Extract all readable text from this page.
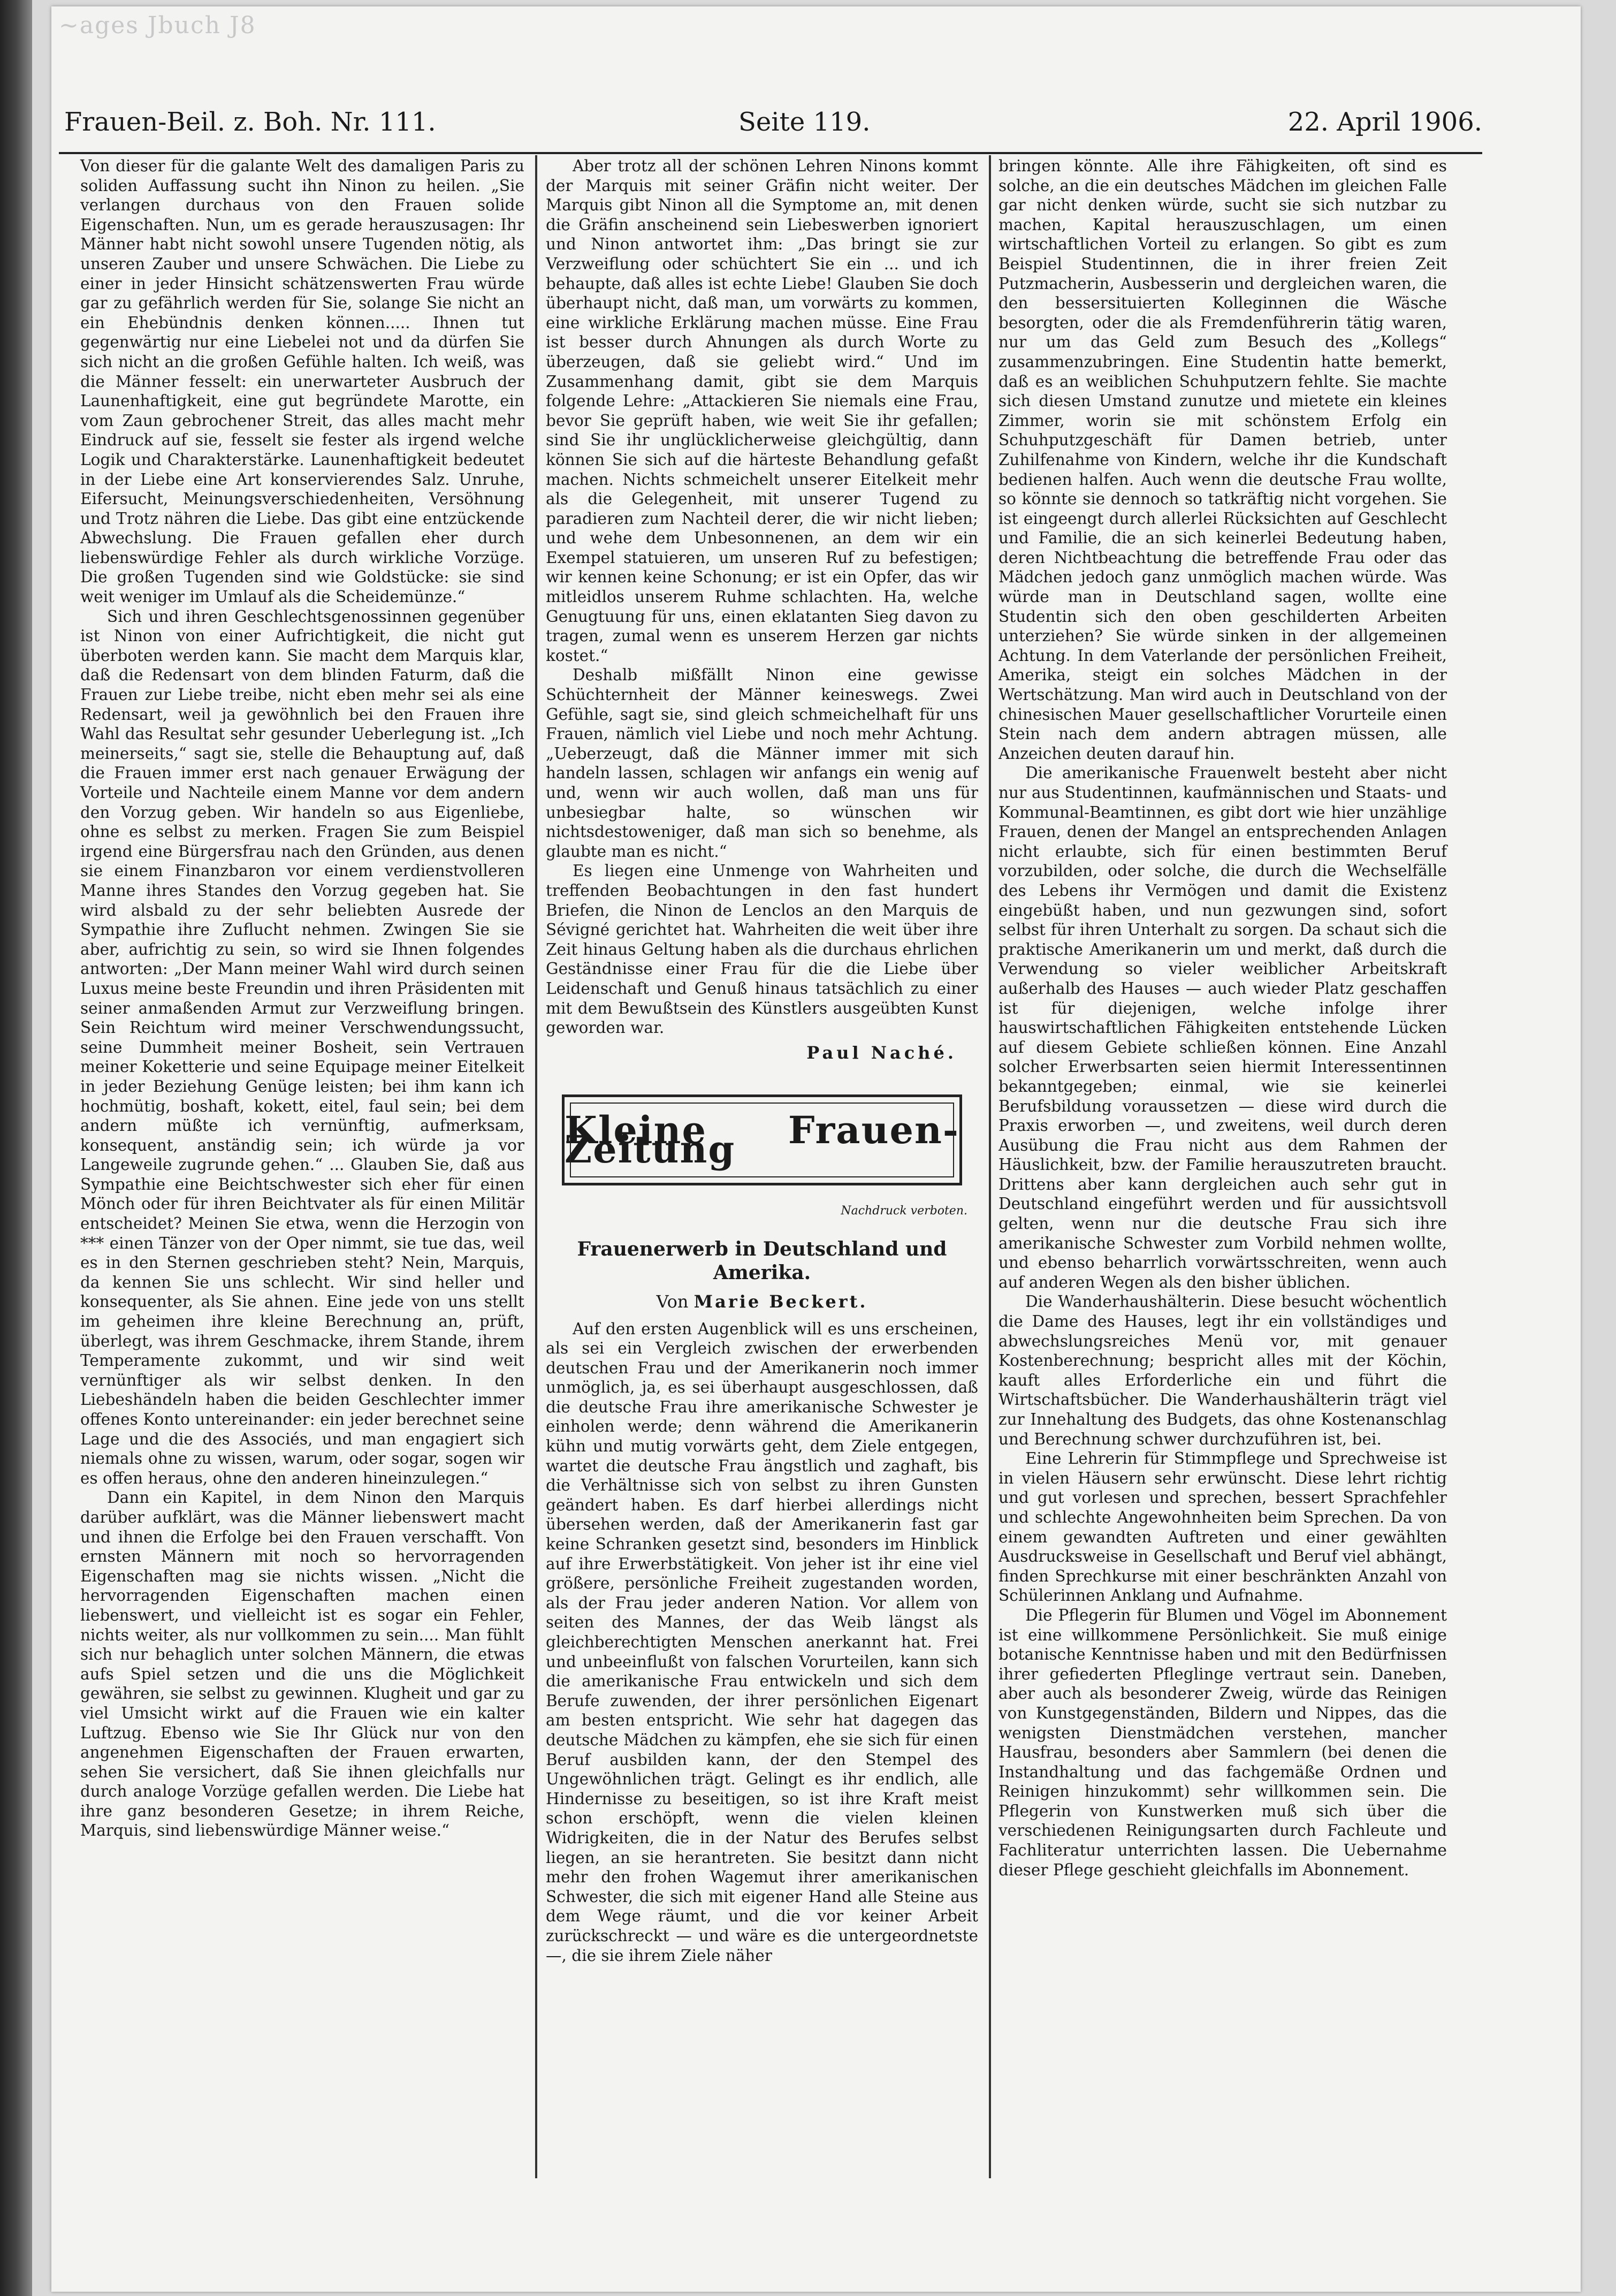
~ages Jbuch J8
Frauen-Beil. z. Boh. Nr. 111.	Seite 119.	22. April 1906.

Von dieser für die galante Welt des damaligen Paris zu soliden Auffassung sucht ihn Ninon zu heilen. „Sie verlangen durchaus von den Frauen solide Eigenschaften. Nun, um es gerade herauszusagen: Ihr Männer habt nicht sowohl unsere Tugenden nötig, als unseren Zauber und unsere Schwächen. Die Liebe zu einer in jeder Hinsicht schätzenswerten Frau würde gar zu gefährlich werden für Sie, solange Sie nicht an ein Ehebündnis denken können..... Ihnen tut gegenwärtig nur eine Liebelei not und da dürfen Sie sich nicht an die großen Gefühle halten. Ich weiß, was die Männer fesselt: ein unerwarteter Ausbruch der Launenhaftigkeit, eine gut begründete Marotte, ein vom Zaun gebrochener Streit, das alles macht mehr Eindruck auf sie, fesselt sie fester als irgend welche Logik und Charakterstärke. Launenhaftigkeit bedeutet in der Liebe eine Art konservierendes Salz. Unruhe, Eifersucht, Meinungsverschiedenheiten, Versöhnung und Trotz nähren die Liebe. Das gibt eine entzückende Abwechslung. Die Frauen gefallen eher durch liebenswürdige Fehler als durch wirkliche Vorzüge. Die großen Tugenden sind wie Goldstücke: sie sind weit weniger im Umlauf als die Scheidemünze.“

Sich und ihren Geschlechtsgenossinnen gegenüber ist Ninon von einer Aufrichtigkeit, die nicht gut überboten werden kann. Sie macht dem Marquis klar, daß die Redensart von dem blinden Faturm, daß die Frauen zur Liebe treibe, nicht eben mehr sei als eine Redensart, weil ja gewöhnlich bei den Frauen ihre Wahl das Resultat sehr gesunder Ueberlegung ist. „Ich meinerseits,“ sagt sie, stelle die Behauptung auf, daß die Frauen immer erst nach genauer Erwägung der Vorteile und Nachteile einem Manne vor dem andern den Vorzug geben. Wir handeln so aus Eigenliebe, ohne es selbst zu merken. Fragen Sie zum Beispiel irgend eine Bürgersfrau nach den Gründen, aus denen sie einem Finanzbaron vor einem verdienstvolleren Manne ihres Standes den Vorzug gegeben hat. Sie wird alsbald zu der sehr beliebten Ausrede der Sympathie ihre Zuflucht nehmen. Zwingen Sie sie aber, aufrichtig zu sein, so wird sie Ihnen folgendes antworten: „Der Mann meiner Wahl wird durch seinen Luxus meine beste Freundin und ihren Präsidenten mit seiner anmaßenden Armut zur Verzweiflung bringen. Sein Reichtum wird meiner Verschwendungssucht, seine Dummheit meiner Bosheit, sein Vertrauen meiner Koketterie und seine Equipage meiner Eitelkeit in jeder Beziehung Genüge leisten; bei ihm kann ich hochmütig, boshaft, kokett, eitel, faul sein; bei dem andern müßte ich vernünftig, aufmerksam, konsequent, anständig sein; ich würde ja vor Langeweile zugrunde gehen.“ ... Glauben Sie, daß aus Sympathie eine Beichtschwester sich eher für einen Mönch oder für ihren Beichtvater als für einen Militär entscheidet? Meinen Sie etwa, wenn die Herzogin von *** einen Tänzer von der Oper nimmt, sie tue das, weil es in den Sternen geschrieben steht? Nein, Marquis, da kennen Sie uns schlecht. Wir sind heller und konsequenter, als Sie ahnen. Eine jede von uns stellt im geheimen ihre kleine Berechnung an, prüft, überlegt, was ihrem Geschmacke, ihrem Stande, ihrem Temperamente zukommt, und wir sind weit vernünftiger als wir selbst denken. In den Liebeshändeln haben die beiden Geschlechter immer offenes Konto untereinander: ein jeder berechnet seine Lage und die des Associés, und man engagiert sich niemals ohne zu wissen, warum, oder sogar, sogen wir es offen heraus, ohne den anderen hineinzulegen.“

Dann ein Kapitel, in dem Ninon den Marquis darüber aufklärt, was die Männer liebenswert macht und ihnen die Erfolge bei den Frauen verschafft. Von ernsten Männern mit noch so hervorragenden Eigenschaften mag sie nichts wissen. „Nicht die hervorragenden Eigenschaften machen einen liebenswert, und vielleicht ist es sogar ein Fehler, nichts weiter, als nur vollkommen zu sein.... Man fühlt sich nur behaglich unter solchen Männern, die etwas aufs Spiel setzen und die uns die Möglichkeit gewähren, sie selbst zu gewinnen. Klugheit und gar zu viel Umsicht wirkt auf die Frauen wie ein kalter Luftzug. Ebenso wie Sie Ihr Glück nur von den angenehmen Eigenschaften der Frauen erwarten, sehen Sie versichert, daß Sie ihnen gleichfalls nur durch analoge Vorzüge gefallen werden. Die Liebe hat ihre ganz besonderen Gesetze; in ihrem Reiche, Marquis, sind liebenswürdige Männer weise.“

Aber trotz all der schönen Lehren Ninons kommt der Marquis mit seiner Gräfin nicht weiter. Der Marquis gibt Ninon all die Symptome an, mit denen die Gräfin anscheinend sein Liebeswerben ignoriert und Ninon antwortet ihm: „Das bringt sie zur Verzweiflung oder schüchtert Sie ein ... und ich behaupte, daß alles ist echte Liebe! Glauben Sie doch überhaupt nicht, daß man, um vorwärts zu kommen, eine wirkliche Erklärung machen müsse. Eine Frau ist besser durch Ahnungen als durch Worte zu überzeugen, daß sie geliebt wird.“ Und im Zusammenhang damit, gibt sie dem Marquis folgende Lehre: „Attackieren Sie niemals eine Frau, bevor Sie geprüft haben, wie weit Sie ihr gefallen; sind Sie ihr unglücklicherweise gleichgültig, dann können Sie sich auf die härteste Behandlung gefaßt machen. Nichts schmeichelt unserer Eitelkeit mehr als die Gelegenheit, mit unserer Tugend zu paradieren zum Nachteil derer, die wir nicht lieben; und wehe dem Unbesonnenen, an dem wir ein Exempel statuieren, um unseren Ruf zu befestigen; wir kennen keine Schonung; er ist ein Opfer, das wir mitleidlos unserem Ruhme schlachten. Ha, welche Genugtuung für uns, einen eklatanten Sieg davon zu tragen, zumal wenn es unserem Herzen gar nichts kostet.“

Deshalb mißfällt Ninon eine gewisse Schüchternheit der Männer keineswegs. Zwei Gefühle, sagt sie, sind gleich schmeichelhaft für uns Frauen, nämlich viel Liebe und noch mehr Achtung. „Ueberzeugt, daß die Männer immer mit sich handeln lassen, schlagen wir anfangs ein wenig auf und, wenn wir auch wollen, daß man uns für unbesiegbar halte, so wünschen wir nichtsdestoweniger, daß man sich so benehme, als glaubte man es nicht.“

Es liegen eine Unmenge von Wahrheiten und treffenden Beobachtungen in den fast hundert Briefen, die Ninon de Lenclos an den Marquis de Sévigné gerichtet hat. Wahrheiten die weit über ihre Zeit hinaus Geltung haben als die durchaus ehrlichen Geständnisse einer Frau für die die Liebe über Leidenschaft und Genuß hinaus tatsächlich zu einer mit dem Bewußtsein des Künstlers ausgeübten Kunst geworden war.

Paul Naché.
Kleine Frauen-Zeitung
Nachdruck verboten.
Frauenerwerb in Deutschland und Amerika.
Von Marie Beckert.

Auf den ersten Augenblick will es uns erscheinen, als sei ein Vergleich zwischen der erwerbenden deutschen Frau und der Amerikanerin noch immer unmöglich, ja, es sei überhaupt ausgeschlossen, daß die deutsche Frau ihre amerikanische Schwester je einholen werde; denn während die Amerikanerin kühn und mutig vorwärts geht, dem Ziele entgegen, wartet die deutsche Frau ängstlich und zaghaft, bis die Verhältnisse sich von selbst zu ihren Gunsten geändert haben. Es darf hierbei allerdings nicht übersehen werden, daß der Amerikanerin fast gar keine Schranken gesetzt sind, besonders im Hinblick auf ihre Erwerbstätigkeit. Von jeher ist ihr eine viel größere, persönliche Freiheit zugestanden worden, als der Frau jeder anderen Nation. Vor allem von seiten des Mannes, der das Weib längst als gleichberechtigten Menschen anerkannt hat. Frei und unbeeinflußt von falschen Vorurteilen, kann sich die amerikanische Frau entwickeln und sich dem Berufe zuwenden, der ihrer persönlichen Eigenart am besten entspricht. Wie sehr hat dagegen das deutsche Mädchen zu kämpfen, ehe sie sich für einen Beruf ausbilden kann, der den Stempel des Ungewöhnlichen trägt. Gelingt es ihr endlich, alle Hindernisse zu beseitigen, so ist ihre Kraft meist schon erschöpft, wenn die vielen kleinen Widrigkeiten, die in der Natur des Berufes selbst liegen, an sie herantreten. Sie besitzt dann nicht mehr den frohen Wagemut ihrer amerikanischen Schwester, die sich mit eigener Hand alle Steine aus dem Wege räumt, und die vor keiner Arbeit zurückschreckt — und wäre es die untergeordnetste —, die sie ihrem Ziele näher

bringen könnte. Alle ihre Fähigkeiten, oft sind es solche, an die ein deutsches Mädchen im gleichen Falle gar nicht denken würde, sucht sie sich nutzbar zu machen, Kapital herauszuschlagen, um einen wirtschaftlichen Vorteil zu erlangen. So gibt es zum Beispiel Studentinnen, die in ihrer freien Zeit Putzmacherin, Ausbesserin und dergleichen waren, die den bessersituierten Kolleginnen die Wäsche besorgten, oder die als Fremdenführerin tätig waren, nur um das Geld zum Besuch des „Kollegs“ zusammenzubringen. Eine Studentin hatte bemerkt, daß es an weiblichen Schuhputzern fehlte. Sie machte sich diesen Umstand zunutze und mietete ein kleines Zimmer, worin sie mit schönstem Erfolg ein Schuhputzgeschäft für Damen betrieb, unter Zuhilfenahme von Kindern, welche ihr die Kundschaft bedienen halfen. Auch wenn die deutsche Frau wollte, so könnte sie dennoch so tatkräftig nicht vorgehen. Sie ist eingeengt durch allerlei Rücksichten auf Geschlecht und Familie, die an sich keinerlei Bedeutung haben, deren Nichtbeachtung die betreffende Frau oder das Mädchen jedoch ganz unmöglich machen würde. Was würde man in Deutschland sagen, wollte eine Studentin sich den oben geschilderten Arbeiten unterziehen? Sie würde sinken in der allgemeinen Achtung. In dem Vaterlande der persönlichen Freiheit, Amerika, steigt ein solches Mädchen in der Wertschätzung. Man wird auch in Deutschland von der chinesischen Mauer gesellschaftlicher Vorurteile einen Stein nach dem andern abtragen müssen, alle Anzeichen deuten darauf hin.

Die amerikanische Frauenwelt besteht aber nicht nur aus Studentinnen, kaufmännischen und Staats- und Kommunal-Beamtinnen, es gibt dort wie hier unzählige Frauen, denen der Mangel an entsprechenden Anlagen nicht erlaubte, sich für einen bestimmten Beruf vorzubilden, oder solche, die durch die Wechselfälle des Lebens ihr Vermögen und damit die Existenz eingebüßt haben, und nun gezwungen sind, sofort selbst für ihren Unterhalt zu sorgen. Da schaut sich die praktische Amerikanerin um und merkt, daß durch die Verwendung so vieler weiblicher Arbeitskraft außerhalb des Hauses — auch wieder Platz geschaffen ist für diejenigen, welche infolge ihrer hauswirtschaftlichen Fähigkeiten entstehende Lücken auf diesem Gebiete schließen können. Eine Anzahl solcher Erwerbsarten seien hiermit Interessentinnen bekanntgegeben; einmal, wie sie keinerlei Berufsbildung voraussetzen — diese wird durch die Praxis erworben —, und zweitens, weil durch deren Ausübung die Frau nicht aus dem Rahmen der Häuslichkeit, bzw. der Familie herauszutreten braucht. Drittens aber kann dergleichen auch sehr gut in Deutschland eingeführt werden und für aussichtsvoll gelten, wenn nur die deutsche Frau sich ihre amerikanische Schwester zum Vorbild nehmen wollte, und ebenso beharrlich vorwärtsschreiten, wenn auch auf anderen Wegen als den bisher üblichen.

Die Wanderhaushälterin. Diese besucht wöchentlich die Dame des Hauses, legt ihr ein vollständiges und abwechslungsreiches Menü vor, mit genauer Kostenberechnung; bespricht alles mit der Köchin, kauft alles Erforderliche ein und führt die Wirtschaftsbücher. Die Wanderhaushälterin trägt viel zur Innehaltung des Budgets, das ohne Kostenanschlag und Berechnung schwer durchzuführen ist, bei.

Eine Lehrerin für Stimmpflege und Sprechweise ist in vielen Häusern sehr erwünscht. Diese lehrt richtig und gut vorlesen und sprechen, bessert Sprachfehler und schlechte Angewohnheiten beim Sprechen. Da von einem gewandten Auftreten und einer gewählten Ausdrucksweise in Gesellschaft und Beruf viel abhängt, finden Sprechkurse mit einer beschränkten Anzahl von Schülerinnen Anklang und Aufnahme.

Die Pflegerin für Blumen und Vögel im Abonnement ist eine willkommene Persönlichkeit. Sie muß einige botanische Kenntnisse haben und mit den Bedürfnissen ihrer gefiederten Pfleglinge vertraut sein. Daneben, aber auch als besonderer Zweig, würde das Reinigen von Kunstgegenständen, Bildern und Nippes, das die wenigsten Dienstmädchen verstehen, mancher Hausfrau, besonders aber Sammlern (bei denen die Instandhaltung und das fachgemäße Ordnen und Reinigen hinzukommt) sehr willkommen sein. Die Pflegerin von Kunstwerken muß sich über die verschiedenen Reinigungsarten durch Fachleute und Fachliteratur unterrichten lassen. Die Uebernahme dieser Pflege geschieht gleichfalls im Abonnement.
